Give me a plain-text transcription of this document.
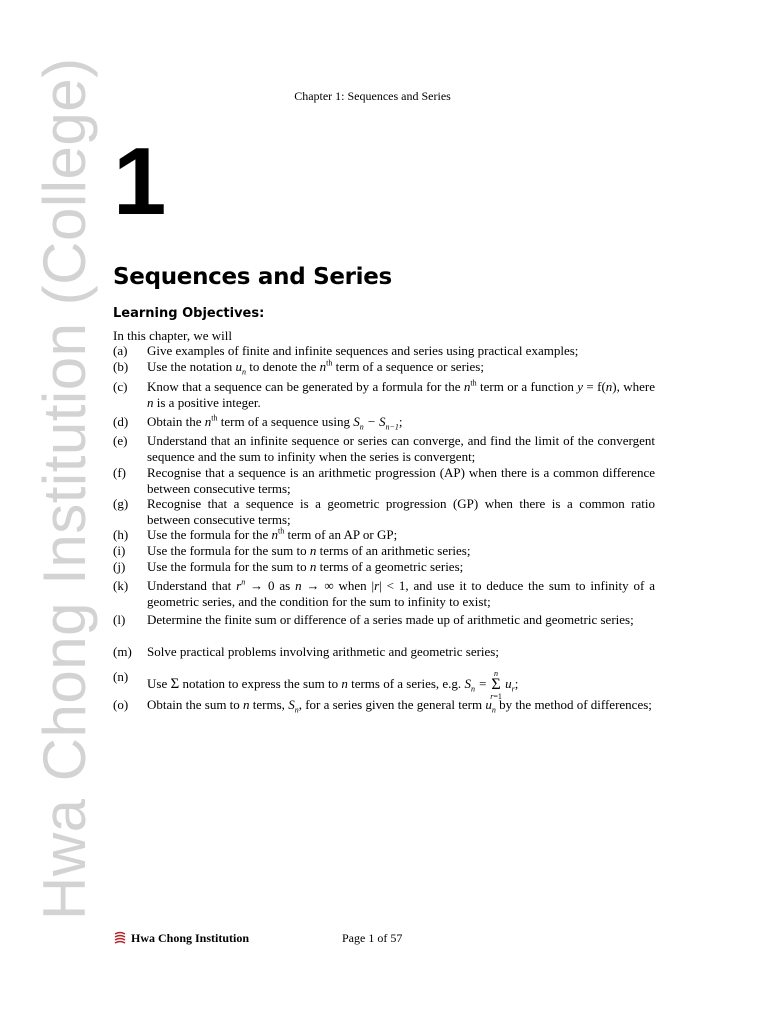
Hwa Chong Institution (College)	Chapter 1: Sequences and Series
1
Sequences and Series
Learning Objectives:
In this chapter, we will
(a) Give examples of finite and infinite sequences and series using practical examples;
(b) Use the notation $u_n$ to denote the $n^{th}$ term of a sequence or series;
(c) Know that a sequence can be generated by a formula for the $n^{th}$ term or a function y = f(n), where n is a positive integer.
(d) Obtain the $n^{th}$ term of a sequence using $S_n - S_{n-1}$;
(e) Understand that an infinite sequence or series can converge, and find the limit of the convergent sequence and the sum to infinity when the series is convergent;
(f) Recognise that a sequence is an arithmetic progression (AP) when there is a common difference between consecutive terms;
(g) Recognise that a sequence is a geometric progression (GP) when there is a common ratio between consecutive terms;
(h) Use the formula for the $n^{th}$ term of an AP or GP;
(i) Use the formula for the sum to n terms of an arithmetic series;
(j) Use the formula for the sum to n terms of a geometric series;
(k) Understand that $r^n \to 0$ as n → ∞ when |r| < 1, and use it to deduce the sum to infinity of a geometric series, and the condition for the sum to infinity to exist;
(l) Determine the finite sum or difference of a series made up of arithmetic and geometric series;
(m) Solve practical problems involving arithmetic and geometric series;
(n) Use Σ notation to express the sum to n terms of a series, e.g. $S_n = n$
Σ
r=1 $u_r$;
(o) Obtain the sum to n terms, $S_n$, for a series given the general term $u_n$ by the method of differences;
Hwa Chong Institution	Page 1 of 57
